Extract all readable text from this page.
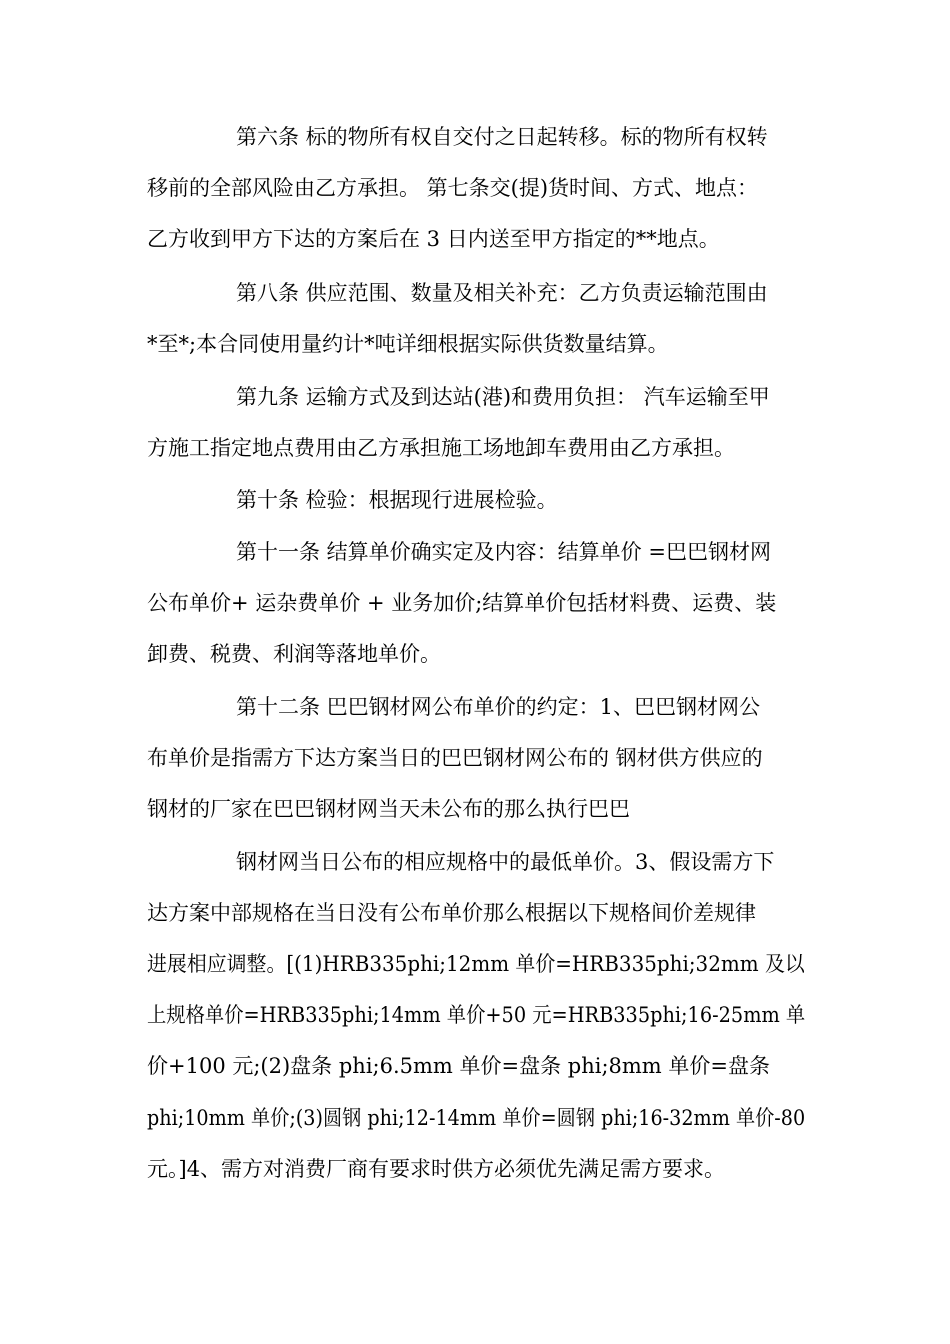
第六条 标的物所有权自交付之日起转移。标的物所有权转
移前的全部风险由乙方承担。 第七条交(提)货时间、方式、地点：
乙方收到甲方下达的方案后在 3 日内送至甲方指定的**地点。
第八条 供应范围、数量及相关补充：乙方负责运输范围由
*至*;本合同使用量约计*吨详细根据实际供货数量结算。
第九条 运输方式及到达站(港)和费用负担： 汽车运输至甲
方施工指定地点费用由乙方承担施工场地卸车费用由乙方承担。
第十条 检验：根据现行进展检验。
第十一条 结算单价确实定及内容：结算单价 =巴巴钢材网
公布单价+ 运杂费单价 + 业务加价;结算单价包括材料费、运费、装
卸费、税费、利润等落地单价。
第十二条 巴巴钢材网公布单价的约定：1、巴巴钢材网公
布单价是指需方下达方案当日的巴巴钢材网公布的 钢材供方供应的
钢材的厂家在巴巴钢材网当天未公布的那么执行巴巴
钢材网当日公布的相应规格中的最低单价。3、假设需方下
达方案中部规格在当日没有公布单价那么根据以下规格间价差规律
进展相应调整。[(1)HRB335phi;12mm 单价=HRB335phi;32mm 及以
上规格单价=HRB335phi;14mm 单价+50 元=HRB335phi;16-25mm 单
价+100 元;(2)盘条 phi;6.5mm 单价=盘条 phi;8mm 单价=盘条
phi;10mm 单价;(3)圆钢 phi;12-14mm 单价=圆钢 phi;16-32mm 单价-80
元。]4、需方对消费厂商有要求时供方必须优先满足需方要求。
